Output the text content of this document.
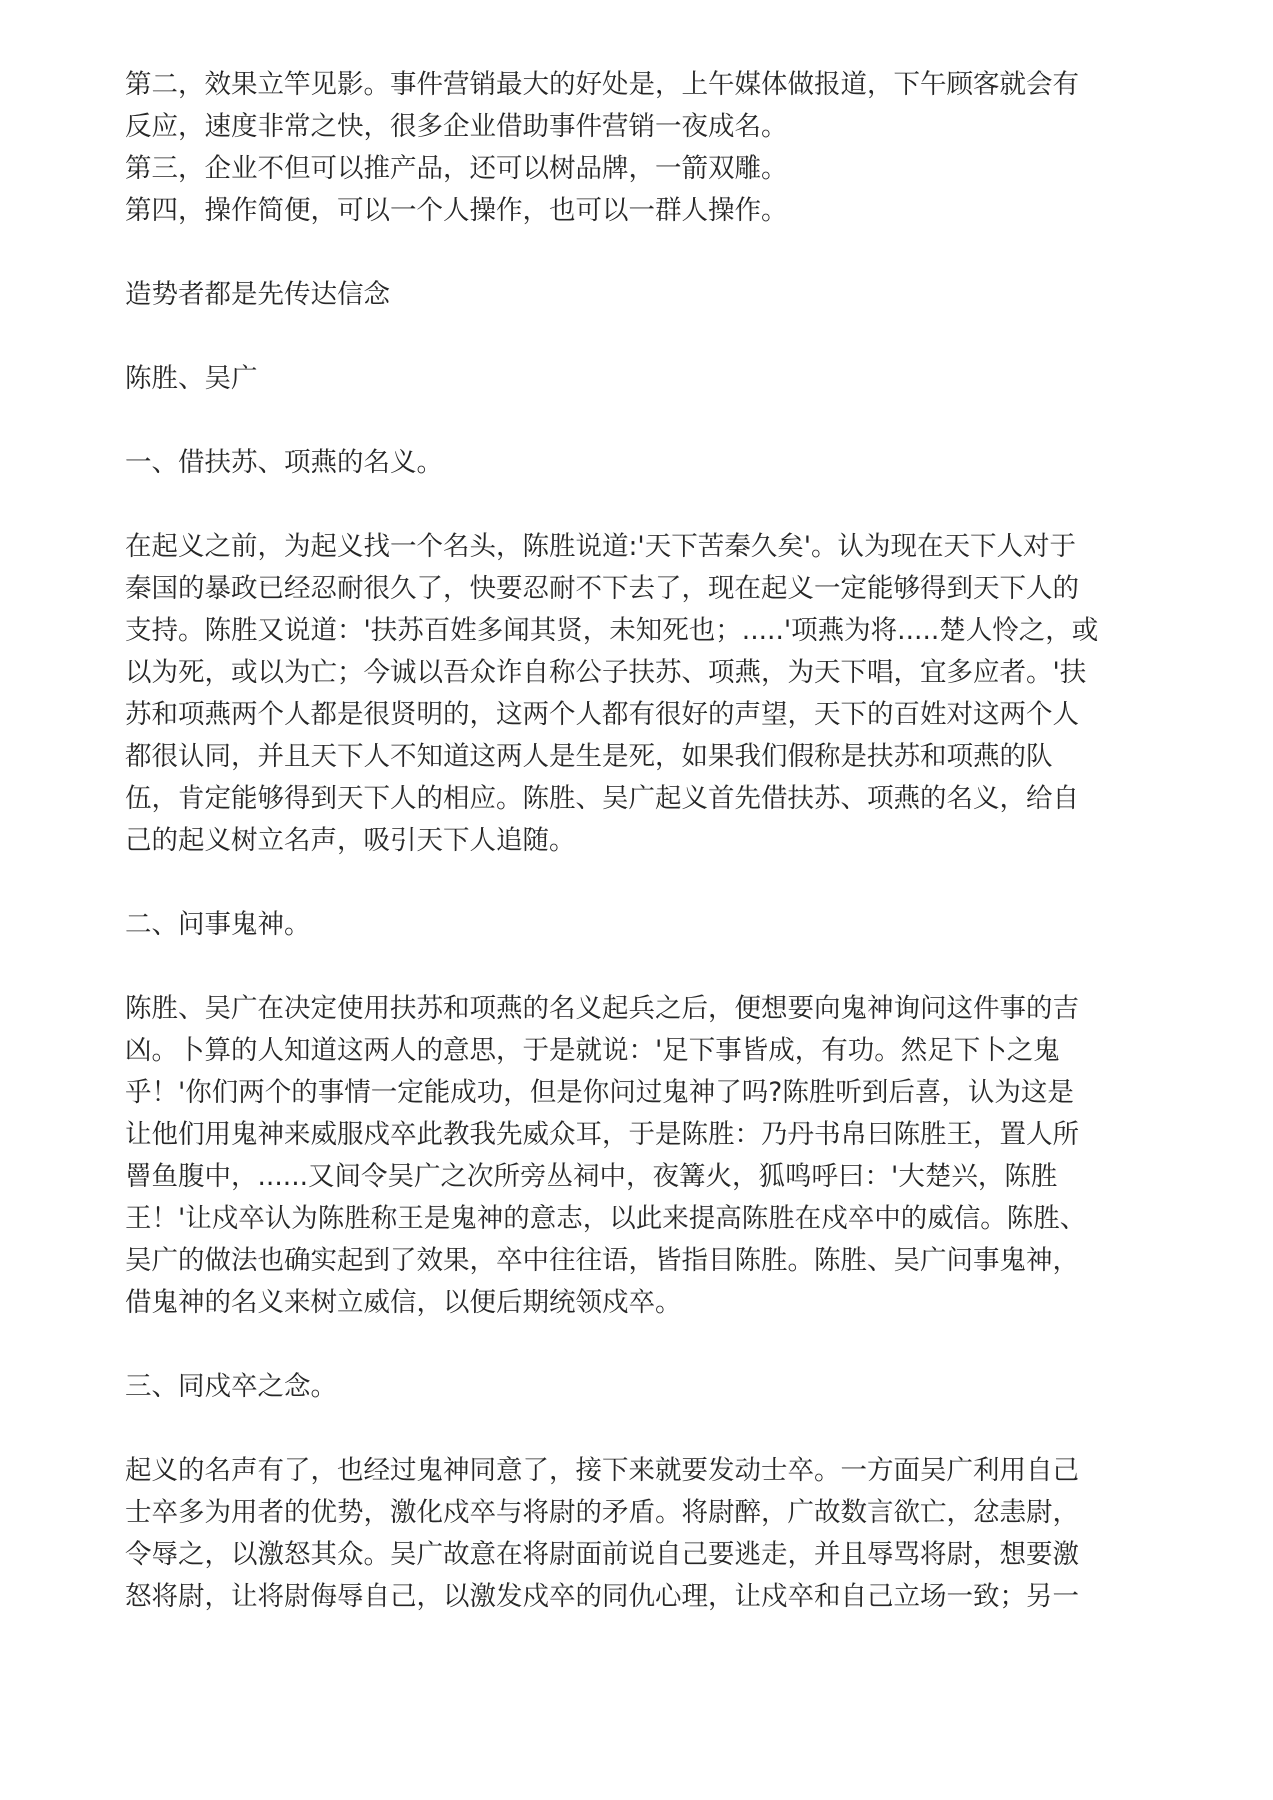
第二，效果立竿见影。事件营销最大的好处是，上午媒体做报道，下午顾客就会有
反应，速度非常之快，很多企业借助事件营销一夜成名。
第三，企业不但可以推产品，还可以树品牌，一箭双雕。
第四，操作简便，可以一个人操作，也可以一群人操作。
造势者都是先传达信念
陈胜、吴广
一、借扶苏、项燕的名义。
在起义之前，为起义找一个名头，陈胜说道:'天下苦秦久矣'。认为现在天下人对于
秦国的暴政已经忍耐很久了，快要忍耐不下去了，现在起义一定能够得到天下人的
支持。陈胜又说道：'扶苏百姓多闻其贤，未知死也；.....'项燕为将.....楚人怜之，或
以为死，或以为亡；今诚以吾众诈自称公子扶苏、项燕，为天下唱，宜多应者。'扶
苏和项燕两个人都是很贤明的，这两个人都有很好的声望，天下的百姓对这两个人
都很认同，并且天下人不知道这两人是生是死，如果我们假称是扶苏和项燕的队
伍，肯定能够得到天下人的相应。陈胜、吴广起义首先借扶苏、项燕的名义，给自
己的起义树立名声，吸引天下人追随。
二、问事鬼神。
陈胜、吴广在决定使用扶苏和项燕的名义起兵之后，便想要向鬼神询问这件事的吉
凶。卜算的人知道这两人的意思，于是就说：'足下事皆成，有功。然足下卜之鬼
乎！'你们两个的事情一定能成功，但是你问过鬼神了吗?陈胜听到后喜，认为这是
让他们用鬼神来威服戍卒此教我先威众耳，于是陈胜：乃丹书帛曰陈胜王，置人所
罾鱼腹中，......又间令吴广之次所旁丛祠中，夜篝火，狐鸣呼曰：'大楚兴，陈胜
王！'让戍卒认为陈胜称王是鬼神的意志，以此来提高陈胜在戍卒中的威信。陈胜、
吴广的做法也确实起到了效果，卒中往往语，皆指目陈胜。陈胜、吴广问事鬼神，
借鬼神的名义来树立威信，以便后期统领戍卒。
三、同戍卒之念。
起义的名声有了，也经过鬼神同意了，接下来就要发动士卒。一方面吴广利用自己
士卒多为用者的优势，激化戍卒与将尉的矛盾。将尉醉，广故数言欲亡，忿恚尉，
令辱之，以激怒其众。吴广故意在将尉面前说自己要逃走，并且辱骂将尉，想要激
怒将尉，让将尉侮辱自己，以激发戍卒的同仇心理，让戍卒和自己立场一致；另一
